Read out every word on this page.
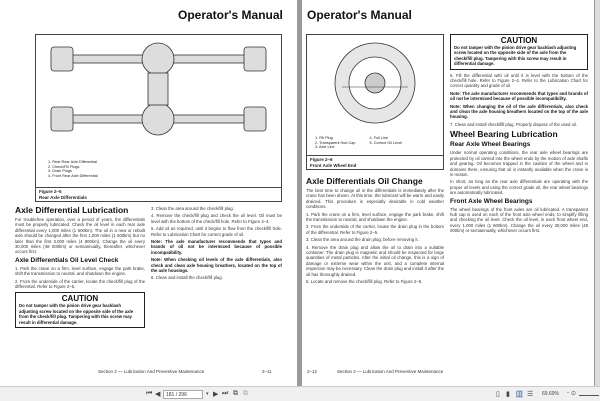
Operator's Manual
1. Rear Rear Axle Differential
2. Check/Fill Plugs
3. Drain Plugs
4. Front Rear Axle Differential
Figure 2–5
Rear Axle Differentials
Axle Differential Lubrication

For troublefree operation, over a period of years, the differentials must be properly lubricated. Check the oil level in each rear axle differential every 1,000 miles (1 600km). The oil in a new or rebuilt axle should be changed after the first 1,000 miles (1 600km) but no later than the first 3,000 miles (4 800km). Change the oil every 30,000 miles (48 000km) or semiannually, thereafter, whichever occurs first.

Axle Differentials Oil Level Check

1. Park the crane on a firm, level surface, engage the park brake, shift the transmission to neutral, and shutdown the engine.

2. From the underside of the carrier, locate the check/fill plug of the differential. Refer to Figure 2–5.

CAUTION
Do not tamper with the pinion drive gear backlash adjusting screw located on the opposite side of the axle from the check/fill plug. Tampering with this screw may result in differential damage.

3. Clean the area around the check/fill plug.

4. Remove the check/fill plug and check the oil level. Oil must be level with the bottom of the check/fill hole. Refer to Figure 2–4.

5. Add oil as required, until it begins to flow from the check/fill hole. Refer to Lubrication Chart for correct grade of oil.

Note: The axle manufacturer recommends that types and brands of oil not be intermixed because of possible incompatibility.

Note: When checking oil levels of the axle differentials, also check and clean axle housing breathers, located on the top of the axle housings.

6. Clean and install the check/fill plug.

Section 2 — Lubrication And Preventive Maintenance	2–11
Operator's Manual
1. Fill Plug
2. Transparent Hub Cap
3. Axle Line
4. Full Line
5. Correct Oil Level
Figure 2–6
Front Axle Wheel End
Axle Differentials Oil Change

The best time to change oil in the differentials is immediately after the crane has been driven. At this time, the lubricant will be warm and easily drained. This procedure is especially desirable in cold weather conditions.

1. Park the crane on a firm, level surface, engage the park brake, shift the transmission to neutral, and shutdown the engine.

2. From the underside of the carrier, locate the drain plug in the bottom of the differential. Refer to Figure 2–5.

3. Clean the area around the drain plug, before removing it.

4. Remove the drain plug and allow the oil to drain into a suitable container. The drain plug is magnetic and should be inspected for large quantities of metal particles. After the initial oil change, this is a sign of damage or extreme wear within the unit, and a complete internal inspection may be necessary. Clean the drain plug and install it after the oil has thoroughly drained.

5. Locate and remove the check/fill plug. Refer to Figure 2–5.

CAUTION
Do not tamper with the pinion drive gear backlash adjusting screw located on the opposite side of the axle from the check/fill plug. Tampering with this screw may result in differential damage.

6. Fill the differential with oil until it is level with the bottom of the check/fill hole. Refer to Figure 2–4. Refer to the Lubrication Chart for correct quantity and grade of oil.

Note: The axle manufacturer recommends that types and brands of oil not be intermixed because of possible incompatibility.

Note: When changing the oil of the axle differentials, also check and clean the axle housing breathers located on the top of the axle housing.

7. Clean and install check/fill plug. Properly dispose of the used oil.

Wheel Bearing Lubrication
Rear Axle Wheel Bearings

Under normal operating conditions, the rear axle wheel bearings are protected by oil carried into the wheel ends by the motion of axle shafts and gearing. Oil becomes trapped in the cavities of the wheel and in domains there, ensuring that oil is instantly available when the crane is in motion.

In short, as long as the rear axle differentials are operating with the proper oil levels and using the correct grade oil, the rear wheel bearings are automatically lubricated.

Front Axle Wheel Bearings

The wheel bearings of the front axles are oil lubricated. A transparent hub cap is used on each of the front axle wheel ends, to simplify filling and checking the oil level. Check the oil level, in each front wheel end, every 1,000 miles (1 600km). Change the oil every 30,000 miles (48 000km) or semiannually, whichever occurs first.

2–12	Section 2 — Lubrication And Preventive Maintenance
⏮ ◀	181 / 296	▾ ▶ ⏭ ⧉ ⧉	▯ ▮ ◫ ☰ 69.69% - ⊙
